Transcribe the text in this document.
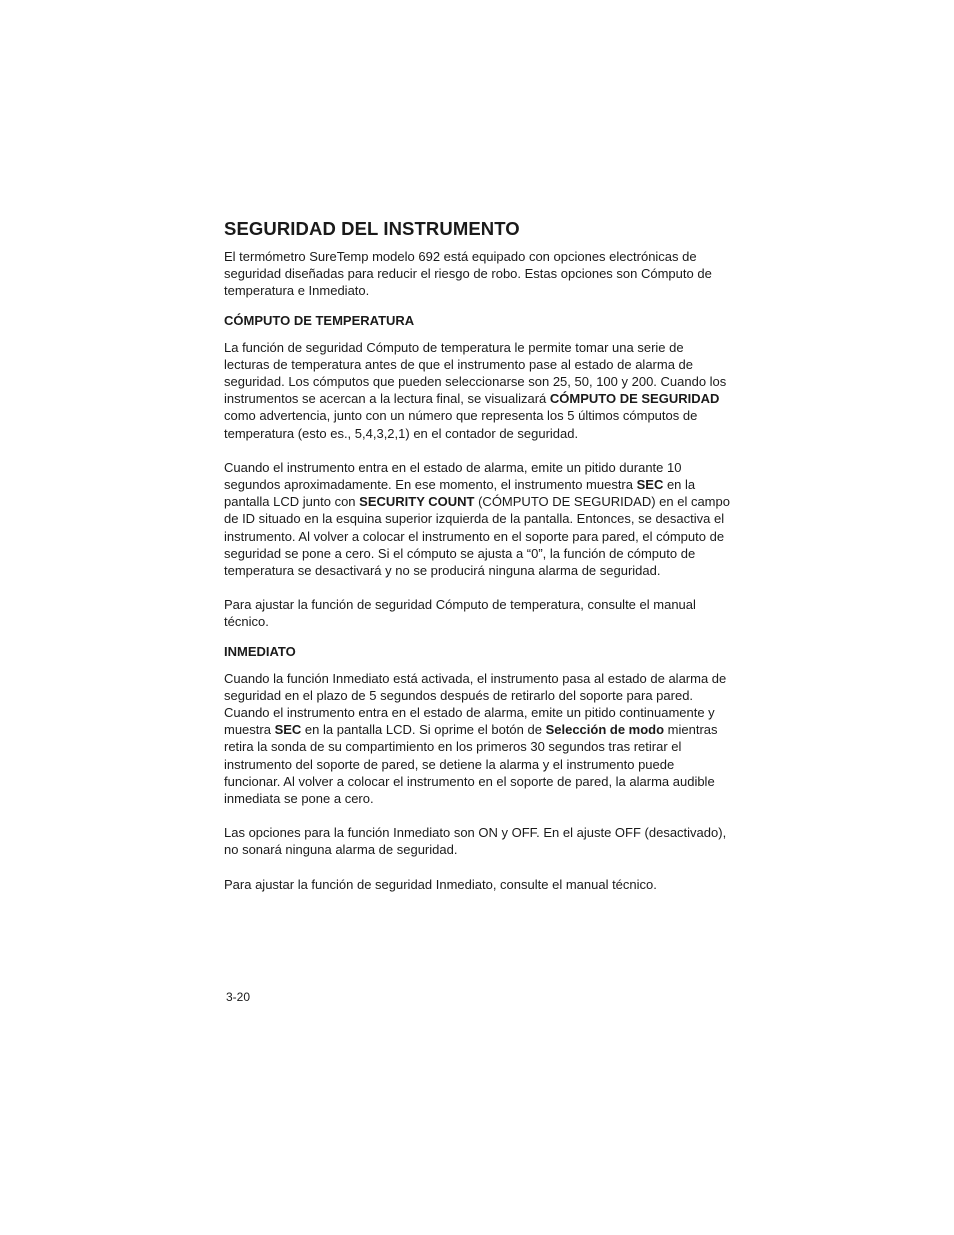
SEGURIDAD DEL INSTRUMENTO

El termómetro SureTemp modelo 692 está equipado con opciones electrónicas de seguridad diseñadas para reducir el riesgo de robo. Estas opciones son Cómputo de temperatura e Inmediato.

CÓMPUTO DE TEMPERATURA

La función de seguridad Cómputo de temperatura le permite tomar una serie de lecturas de temperatura antes de que el instrumento pase al estado de alarma de seguridad. Los cómputos que pueden seleccionarse son 25, 50, 100 y 200. Cuando los instrumentos se acercan a la lectura final, se visualizará CÓMPUTO DE SEGURIDAD como advertencia, junto con un número que representa los 5 últimos cómputos de temperatura (esto es., 5,4,3,2,1) en el contador de seguridad.

Cuando el instrumento entra en el estado de alarma, emite un pitido durante 10 segundos aproximadamente. En ese momento, el instrumento muestra SEC en la pantalla LCD junto con SECURITY COUNT (CÓMPUTO DE SEGURIDAD) en el campo de ID situado en la esquina superior izquierda de la pantalla. Entonces, se desactiva el instrumento. Al volver a colocar el instrumento en el soporte para pared, el cómputo de seguridad se pone a cero. Si el cómputo se ajusta a “0”, la función de cómputo de temperatura se desactivará y no se producirá ninguna alarma de seguridad.

Para ajustar la función de seguridad Cómputo de temperatura, consulte el manual técnico.

INMEDIATO

Cuando la función Inmediato está activada, el instrumento pasa al estado de alarma de seguridad en el plazo de 5 segundos después de retirarlo del soporte para pared. Cuando el instrumento entra en el estado de alarma, emite un pitido continuamente y muestra SEC en la pantalla LCD. Si oprime el botón de Selección de modo mientras retira la sonda de su compartimiento en los primeros 30 segundos tras retirar el instrumento del soporte de pared, se detiene la alarma y el instrumento puede funcionar. Al volver a colocar el instrumento en el soporte de pared, la alarma audible inmediata se pone a cero.

Las opciones para la función Inmediato son ON y OFF. En el ajuste OFF (desactivado), no sonará ninguna alarma de seguridad.

Para ajustar la función de seguridad Inmediato, consulte el manual técnico.

3-20
